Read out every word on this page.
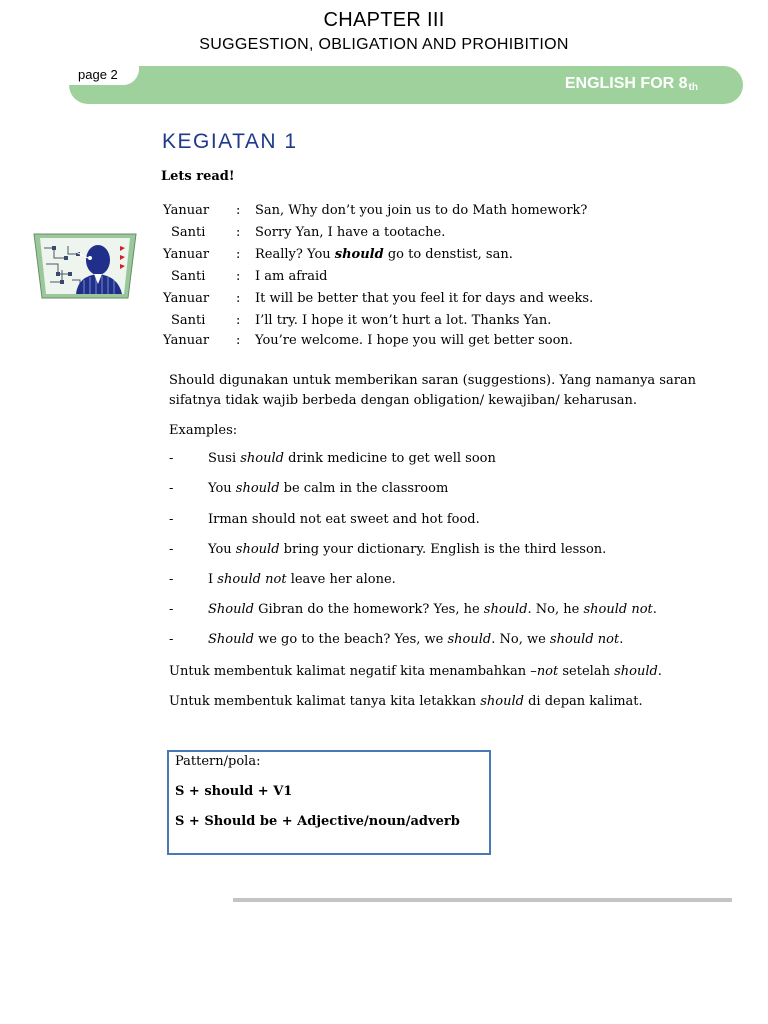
CHAPTER III
SUGGESTION, OBLIGATION AND PROHIBITION
page 2
ENGLISH FOR $8_{th}$
KEGIATAN 1
Lets read!
Yanuar	: San, Why don’t you join us to do Math homework?
Santi	: Sorry Yan, I have a tootache.
Yanuar	: Really? You should go to denstist, san.
Santi	: I am afraid
Yanuar	: It will be better that you feel it for days and weeks.
Santi	: I’ll try. I hope it won’t hurt a lot. Thanks Yan.
Yanuar	: You’re welcome. I hope you will get better soon.
Should digunakan untuk memberikan saran (suggestions). Yang namanya saran sifatnya tidak wajib berbeda dengan obligation/ kewajiban/ keharusan.
Examples:
-	Susi should drink medicine to get well soon
-	You should be calm in the classroom
-	Irman should not eat sweet and hot food.
-	You should bring your dictionary. English is the third lesson.
-	I should not leave her alone.
-	Should Gibran do the homework? Yes, he should. No, he should not.
-	Should we go to the beach? Yes, we should. No, we should not.
Untuk membentuk kalimat negatif kita menambahkan –not setelah should.
Untuk membentuk kalimat tanya kita letakkan should di depan kalimat.
Pattern/pola:
S + should + V1
S + Should be + Adjective/noun/adverb
